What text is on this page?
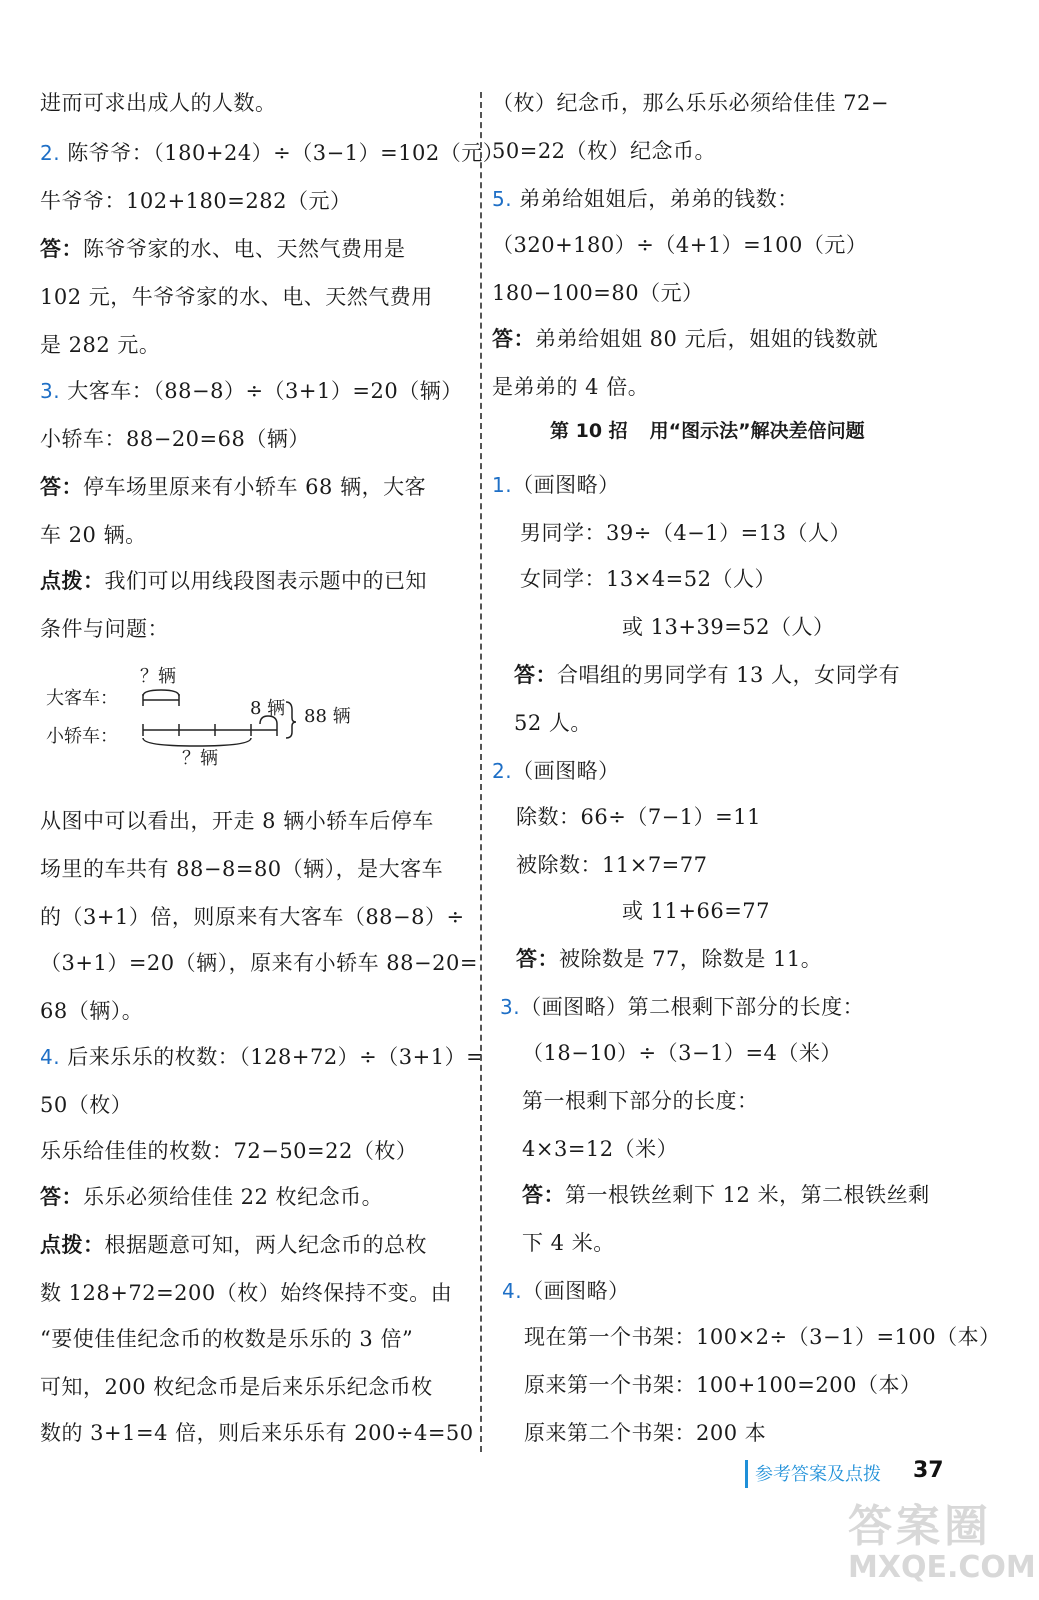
进而可求出成人的人数。
2. 陈爷爷：（180+24）÷（3−1）=102（元）
牛爷爷：102+180=282（元）
答：陈爷爷家的水、电、天然气费用是
102 元，牛爷爷家的水、电、天然气费用
是 282 元。
3. 大客车：（88−8）÷（3+1）=20（辆）
小轿车：88−20=68（辆）
答：停车场里原来有小轿车 68 辆，大客
车 20 辆。
点拨：我们可以用线段图表示题中的已知
条件与问题：
？辆
大客车：	8 辆 88 辆
小轿车：
？辆
从图中可以看出，开走 8 辆小轿车后停车
场里的车共有 88−8=80（辆），是大客车
的（3+1）倍，则原来有大客车（88−8）÷
（3+1）=20（辆），原来有小轿车 88−20=
68（辆）。
4. 后来乐乐的枚数：（128+72）÷（3+1）=
50（枚）
乐乐给佳佳的枚数：72−50=22（枚）
答：乐乐必须给佳佳 22 枚纪念币。
点拨：根据题意可知，两人纪念币的总枚
数 128+72=200（枚）始终保持不变。由
“要使佳佳纪念币的枚数是乐乐的 3 倍”
可知，200 枚纪念币是后来乐乐纪念币枚
数的 3+1=4 倍，则后来乐乐有 200÷4=50
（枚）纪念币，那么乐乐必须给佳佳 72−
50=22（枚）纪念币。
5. 弟弟给姐姐后，弟弟的钱数：
（320+180）÷（4+1）=100（元）
180−100=80（元）
答：弟弟给姐姐 80 元后，姐姐的钱数就
是弟弟的 4 倍。
第 10 招 用“图示法”解决差倍问题
1.（画图略）
男同学：39÷（4−1）=13（人）
女同学：13×4=52（人）
或 13+39=52（人）
答：合唱组的男同学有 13 人，女同学有
52 人。
2.（画图略）
除数：66÷（7−1）=11
被除数：11×7=77
或 11+66=77
答：被除数是 77，除数是 11。
3.（画图略）第二根剩下部分的长度：
（18−10）÷（3−1）=4（米）
第一根剩下部分的长度：
4×3=12（米）
答：第一根铁丝剩下 12 米，第二根铁丝剩
下 4 米。
4.（画图略）
现在第一个书架：100×2÷（3−1）=100（本）
原来第一个书架：100+100=200（本）
原来第二个书架：200 本
参考答案及点拨 37
答案圈
MXQE.COM
